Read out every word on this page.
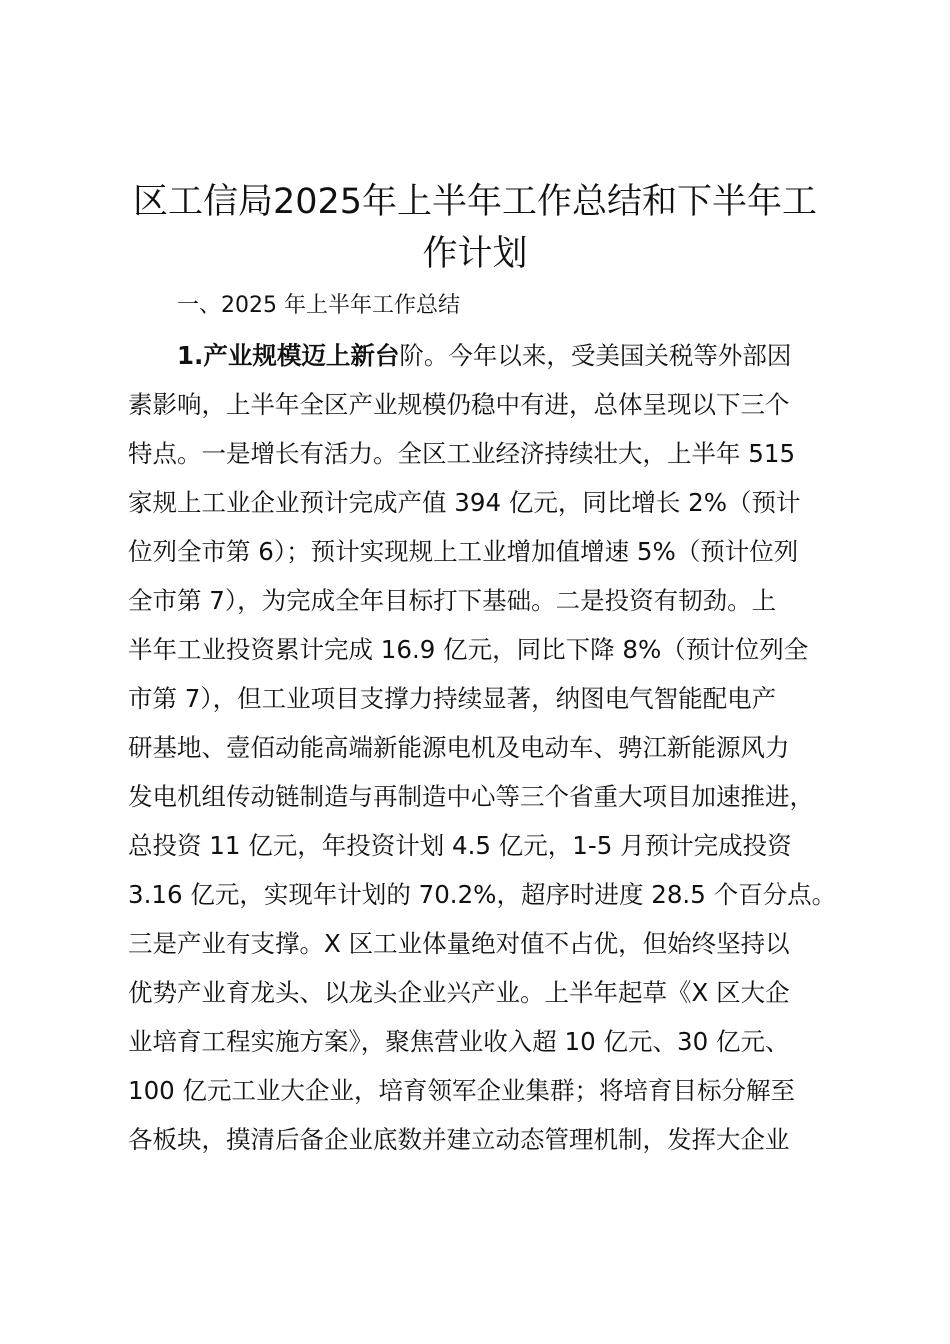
区工信局2025年上半年工作总结和下半年工
作计划

一、2025 年上半年工作总结

1.产业规模迈上新台阶。今年以来，受美国关税等外部因

素影响，上半年全区产业规模仍稳中有进，总体呈现以下三个

特点。一是增长有活力。全区工业经济持续壮大，上半年 515

家规上工业企业预计完成产值 394 亿元，同比增长 2%（预计

位列全市第 6）；预计实现规上工业增加值增速 5%（预计位列

全市第 7），为完成全年目标打下基础。二是投资有韧劲。上

半年工业投资累计完成 16.9 亿元，同比下降 8%（预计位列全

市第 7），但工业项目支撑力持续显著，纳图电气智能配电产

研基地、壹佰动能高端新能源电机及电动车、骋江新能源风力

发电机组传动链制造与再制造中心等三个省重大项目加速推进，

总投资 11 亿元，年投资计划 4.5 亿元，1-5 月预计完成投资

3.16 亿元，实现年计划的 70.2%，超序时进度 28.5 个百分点。

三是产业有支撑。X 区工业体量绝对值不占优，但始终坚持以

优势产业育龙头、以龙头企业兴产业。上半年起草《X 区大企

业培育工程实施方案》，聚焦营业收入超 10 亿元、30 亿元、

100 亿元工业大企业，培育领军企业集群；将培育目标分解至

各板块，摸清后备企业底数并建立动态管理机制，发挥大企业
